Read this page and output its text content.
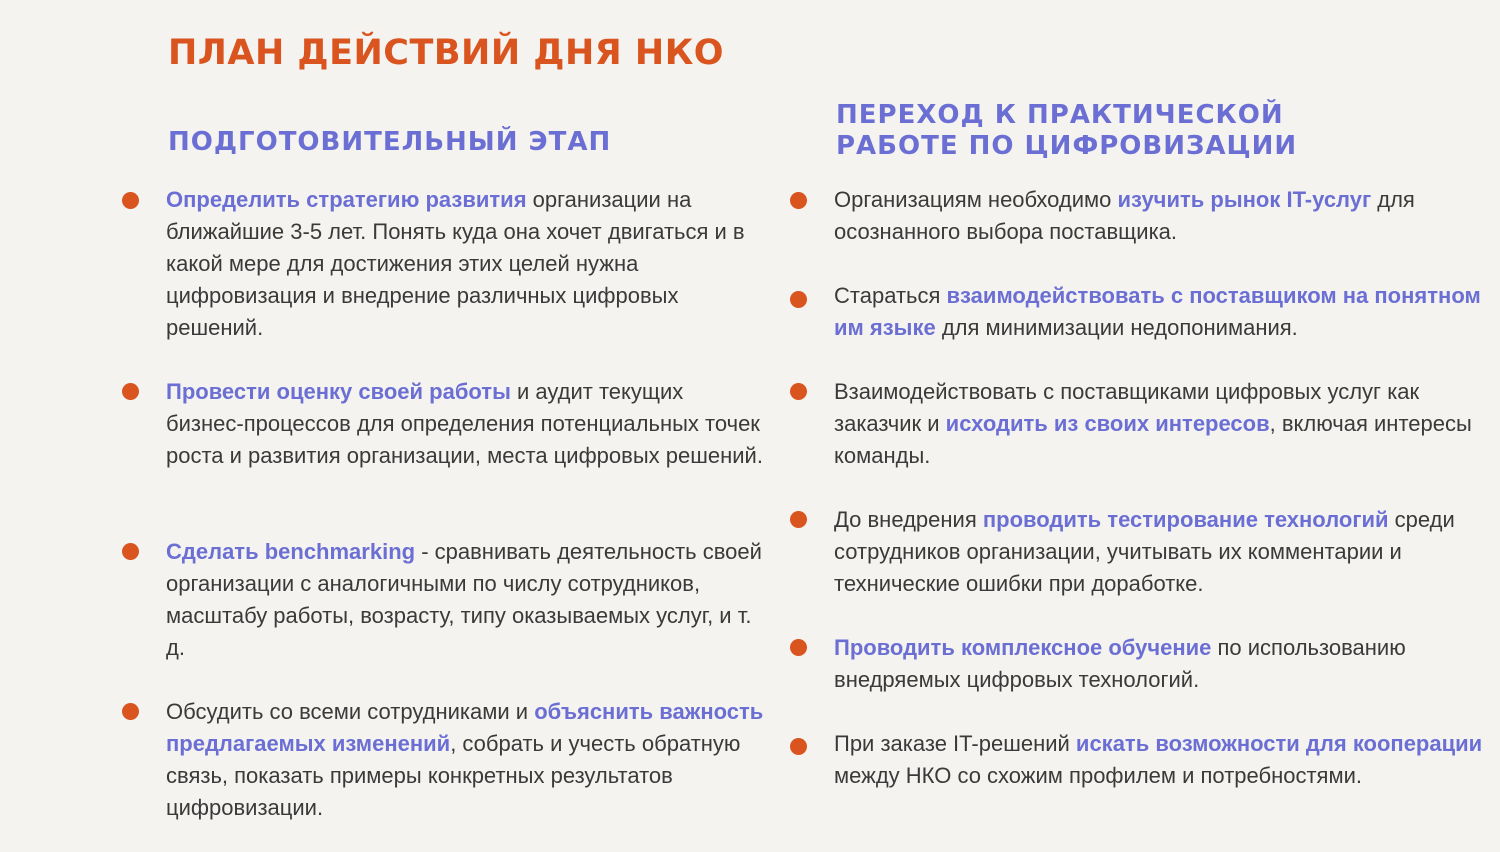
ПЛАН ДЕЙСТВИЙ ДНЯ НКО
ПОДГОТОВИТЕЛЬНЫЙ ЭТАП
Определить стратегию развития организации на ближайшие 3-5 лет. Понять куда она хочет двигаться и в какой мере для достижения этих целей нужна цифровизация и внедрение различных цифровых решений.
Провести оценку своей работы и аудит текущих бизнес-процессов для определения потенциальных точек роста и развития организации, места цифровых решений.
Сделать benchmarking - сравнивать деятельность своей организации с аналогичными по числу сотрудников, масштабу работы, возрасту, типу оказываемых услуг, и т. д.
Обсудить со всеми сотрудниками и объяснить важность предлагаемых изменений, собрать и учесть обратную связь, показать примеры конкретных результатов цифровизации.
ПЕРЕХОД К ПРАКТИЧЕСКОЙ
РАБОТЕ ПО ЦИФРОВИЗАЦИИ
Организациям необходимо изучить рынок IT-услуг для осознанного выбора поставщика.
Стараться взаимодействовать с поставщиком на понятном им языке для минимизации недопонимания.
Взаимодействовать с поставщиками цифровых услуг как заказчик и исходить из своих интересов, включая интересы команды.
До внедрения проводить тестирование технологий среди сотрудников организации, учитывать их комментарии и технические ошибки при доработке.
Проводить комплексное обучение по использованию внедряемых цифровых технологий.
При заказе IT-решений искать возможности для кооперации между НКО со схожим профилем и потребностями.
